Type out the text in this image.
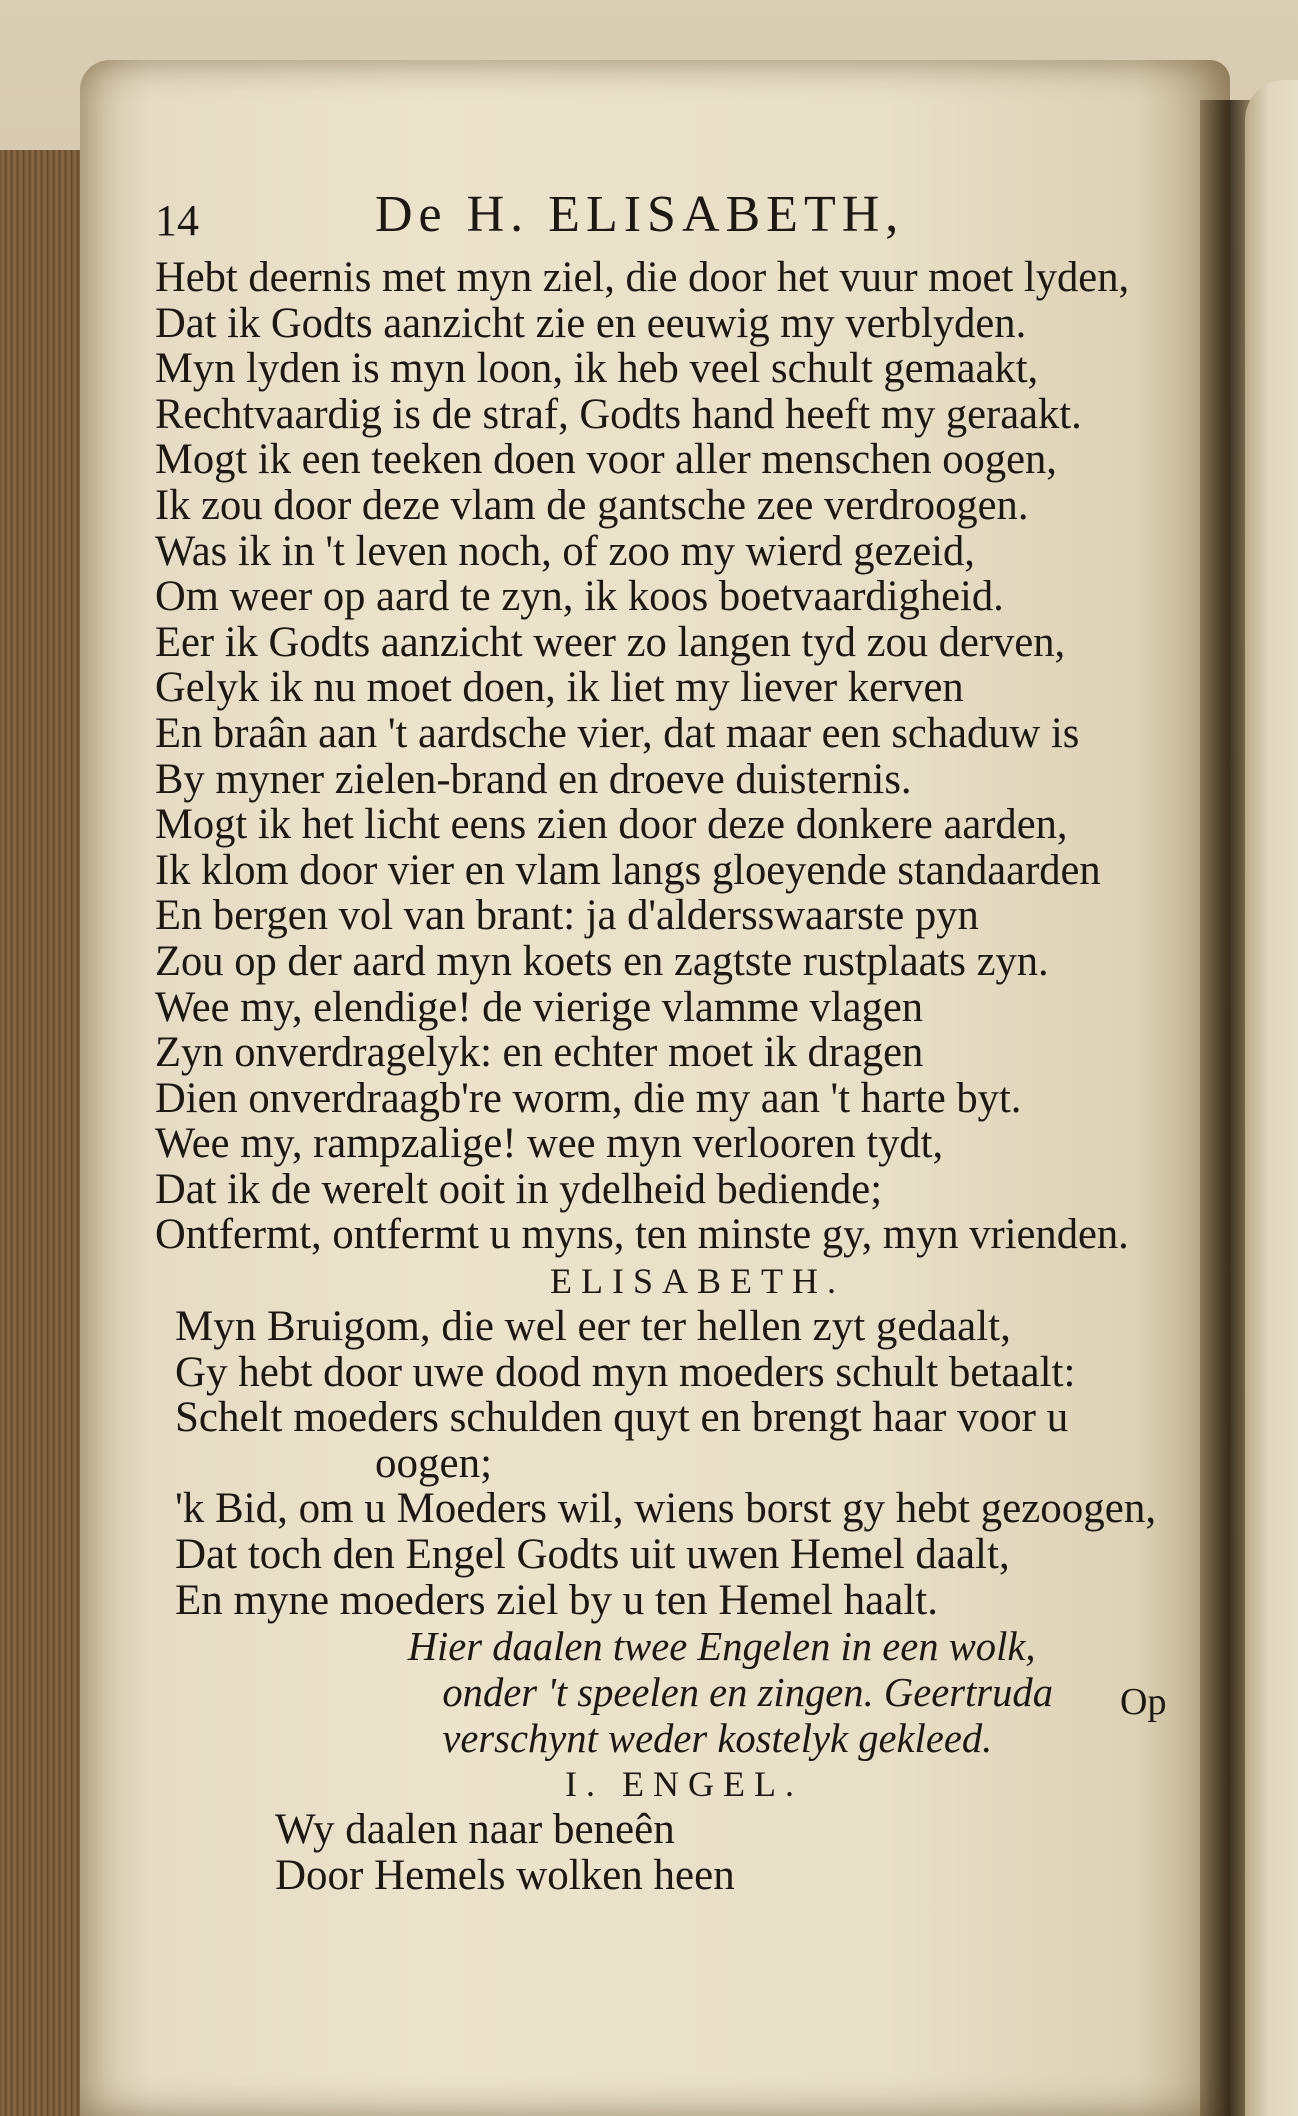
14	De H. ELISABETH,
Hebt deernis met myn ziel, die door het vuur moet lyden,
Dat ik Godts aanzicht zie en eeuwig my verblyden.
Myn lyden is myn loon, ik heb veel schult gemaakt,
Rechtvaardig is de straf, Godts hand heeft my geraakt.
Mogt ik een teeken doen voor aller menschen oogen,
Ik zou door deze vlam de gantsche zee verdroogen.
Was ik in 't leven noch, of zoo my wierd gezeid,
Om weer op aard te zyn, ik koos boetvaardigheid.
Eer ik Godts aanzicht weer zo langen tyd zou derven,
Gelyk ik nu moet doen, ik liet my liever kerven
En braân aan 't aardsche vier, dat maar een schaduw is
By myner zielen-brand en droeve duisternis.
Mogt ik het licht eens zien door deze donkere aarden,
Ik klom door vier en vlam langs gloeyende standaarden
En bergen vol van brant: ja d'aldersswaarste pyn
Zou op der aard myn koets en zagtste rustplaats zyn.
Wee my, elendige! de vierige vlamme vlagen
Zyn onverdragelyk: en echter moet ik dragen
Dien onverdraagb're worm, die my aan 't harte byt.
Wee my, rampzalige! wee myn verlooren tydt,
Dat ik de werelt ooit in ydelheid bediende;
Ontfermt, ontfermt u myns, ten minste gy, myn vrienden.
ELISABETH.
Myn Bruigom, die wel eer ter hellen zyt gedaalt,
Gy hebt door uwe dood myn moeders schult betaalt:
Schelt moeders schulden quyt en brengt haar voor u
oogen;
'k Bid, om u Moeders wil, wiens borst gy hebt gezoogen,
Dat toch den Engel Godts uit uwen Hemel daalt,
En myne moeders ziel by u ten Hemel haalt.
Hier daalen twee Engelen in een wolk,
onder 't speelen en zingen. Geertruda
verschynt weder kostelyk gekleed.
I. ENGEL.
Wy daalen naar beneên
Door Hemels wolken heen
Op
